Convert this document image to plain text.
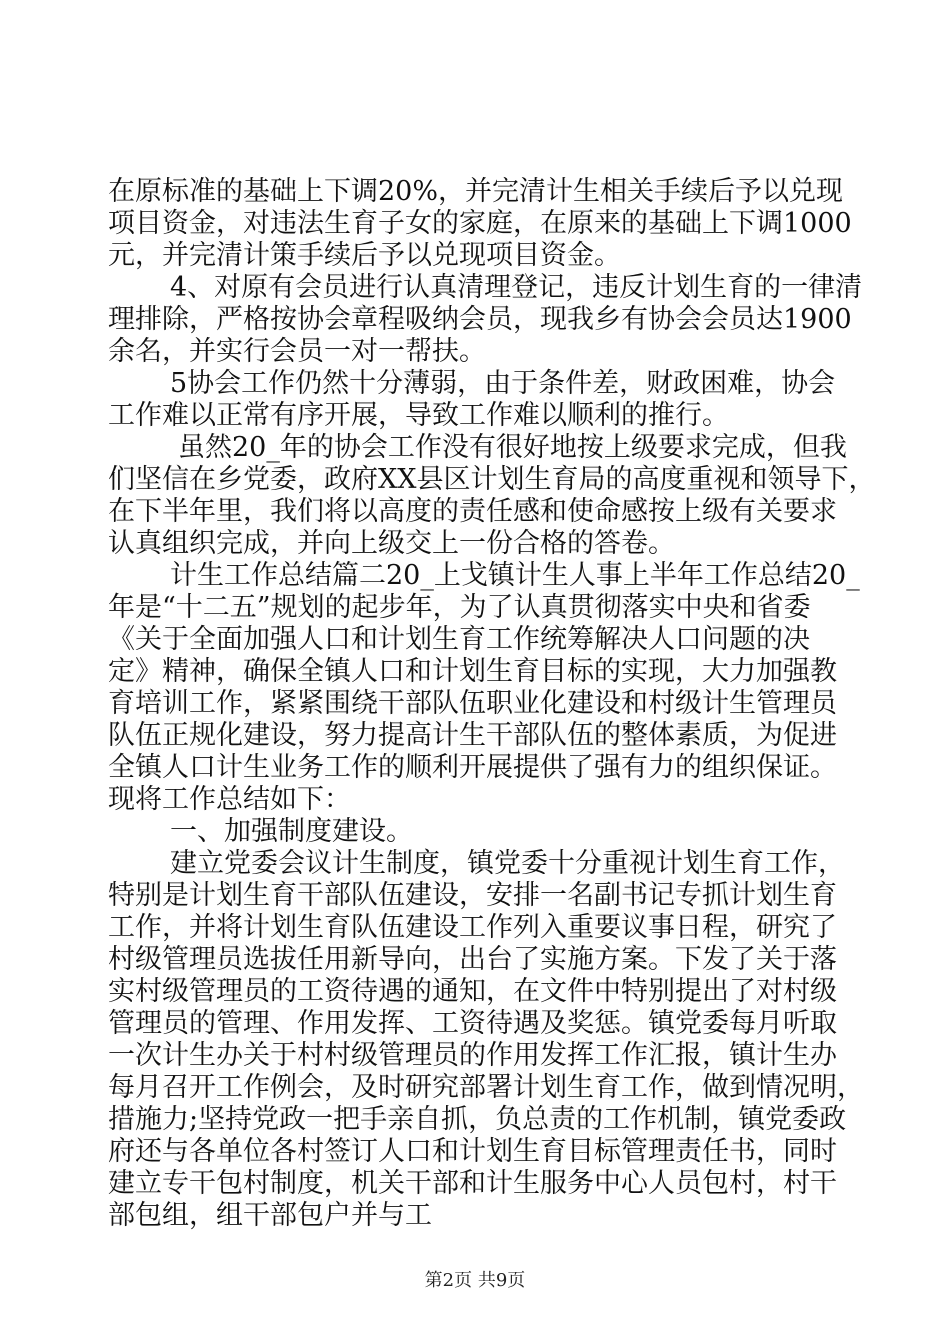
在原标准的基础上下调20%，并完清计生相关手续后予以兑现
项目资金，对违法生育子女的家庭，在原来的基础上下调1000
元，并完清计策手续后予以兑现项目资金。
4、对原有会员进行认真清理登记，违反计划生育的一律清
理排除，严格按协会章程吸纳会员，现我乡有协会会员达1900
余名，并实行会员一对一帮扶。
5协会工作仍然十分薄弱，由于条件差，财政困难，协会
工作难以正常有序开展，导致工作难以顺利的推行。
虽然20_年的协会工作没有很好地按上级要求完成，但我
们坚信在乡党委，政府XX县区计划生育局的高度重视和领导下，
在下半年里，我们将以高度的责任感和使命感按上级有关要求
认真组织完成，并向上级交上一份合格的答卷。
计生工作总结篇二20_上戈镇计生人事上半年工作总结20_
年是“十二五”规划的起步年，为了认真贯彻落实中央和省委
《关于全面加强人口和计划生育工作统筹解决人口问题的决
定》精神，确保全镇人口和计划生育目标的实现，大力加强教
育培训工作，紧紧围绕干部队伍职业化建设和村级计生管理员
队伍正规化建设，努力提高计生干部队伍的整体素质，为促进
全镇人口计生业务工作的顺利开展提供了强有力的组织保证。
现将工作总结如下：
一、加强制度建设。
建立党委会议计生制度，镇党委十分重视计划生育工作，
特别是计划生育干部队伍建设，安排一名副书记专抓计划生育
工作，并将计划生育队伍建设工作列入重要议事日程，研究了
村级管理员选拔任用新导向，出台了实施方案。下发了关于落
实村级管理员的工资待遇的通知，在文件中特别提出了对村级
管理员的管理、作用发挥、工资待遇及奖惩。镇党委每月听取
一次计生办关于村村级管理员的作用发挥工作汇报，镇计生办
每月召开工作例会，及时研究部署计划生育工作，做到情况明，
措施力;坚持党政一把手亲自抓，负总责的工作机制，镇党委政
府还与各单位各村签订人口和计划生育目标管理责任书，同时
建立专干包村制度，机关干部和计生服务中心人员包村，村干
部包组，组干部包户并与工
第2页 共9页
